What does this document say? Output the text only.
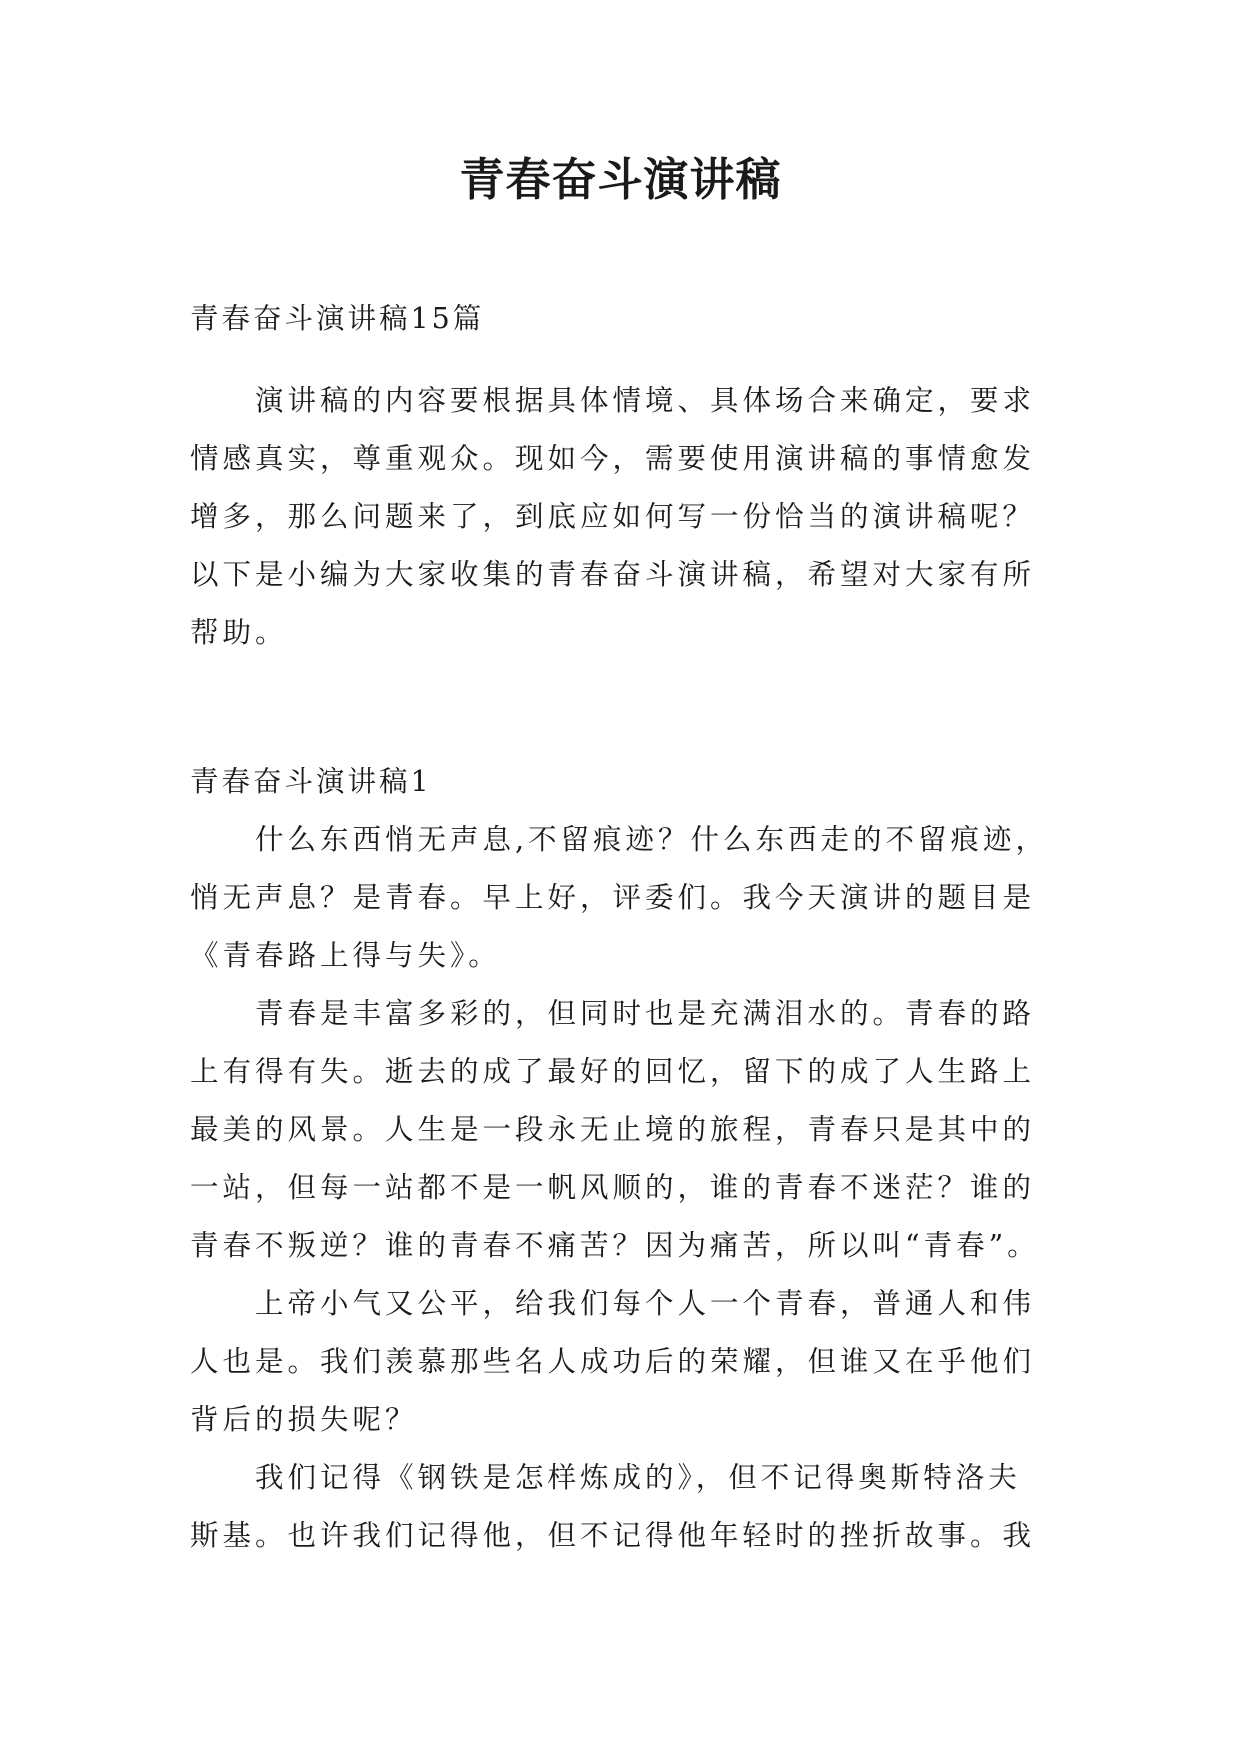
青春奋斗演讲稿

青春奋斗演讲稿15篇

　　演讲稿的内容要根据具体情境、具体场合来确定，要求
情感真实，尊重观众。现如今，需要使用演讲稿的事情愈发
增多，那么问题来了，到底应如何写一份恰当的演讲稿呢？
以下是小编为大家收集的青春奋斗演讲稿，希望对大家有所
帮助。

青春奋斗演讲稿1

　　什么东西悄无声息,不留痕迹？什么东西走的不留痕迹，
悄无声息？是青春。早上好，评委们。我今天演讲的题目是
《青春路上得与失》。
　　青春是丰富多彩的，但同时也是充满泪水的。青春的路
上有得有失。逝去的成了最好的回忆，留下的成了人生路上
最美的风景。人生是一段永无止境的旅程，青春只是其中的
一站，但每一站都不是一帆风顺的，谁的青春不迷茫？谁的
青春不叛逆？谁的青春不痛苦？因为痛苦，所以叫“青春”。
　　上帝小气又公平，给我们每个人一个青春，普通人和伟
人也是。我们羡慕那些名人成功后的荣耀，但谁又在乎他们
背后的损失呢？
　　我们记得《钢铁是怎样炼成的》，但不记得奥斯特洛夫
斯基。也许我们记得他，但不记得他年轻时的挫折故事。我
